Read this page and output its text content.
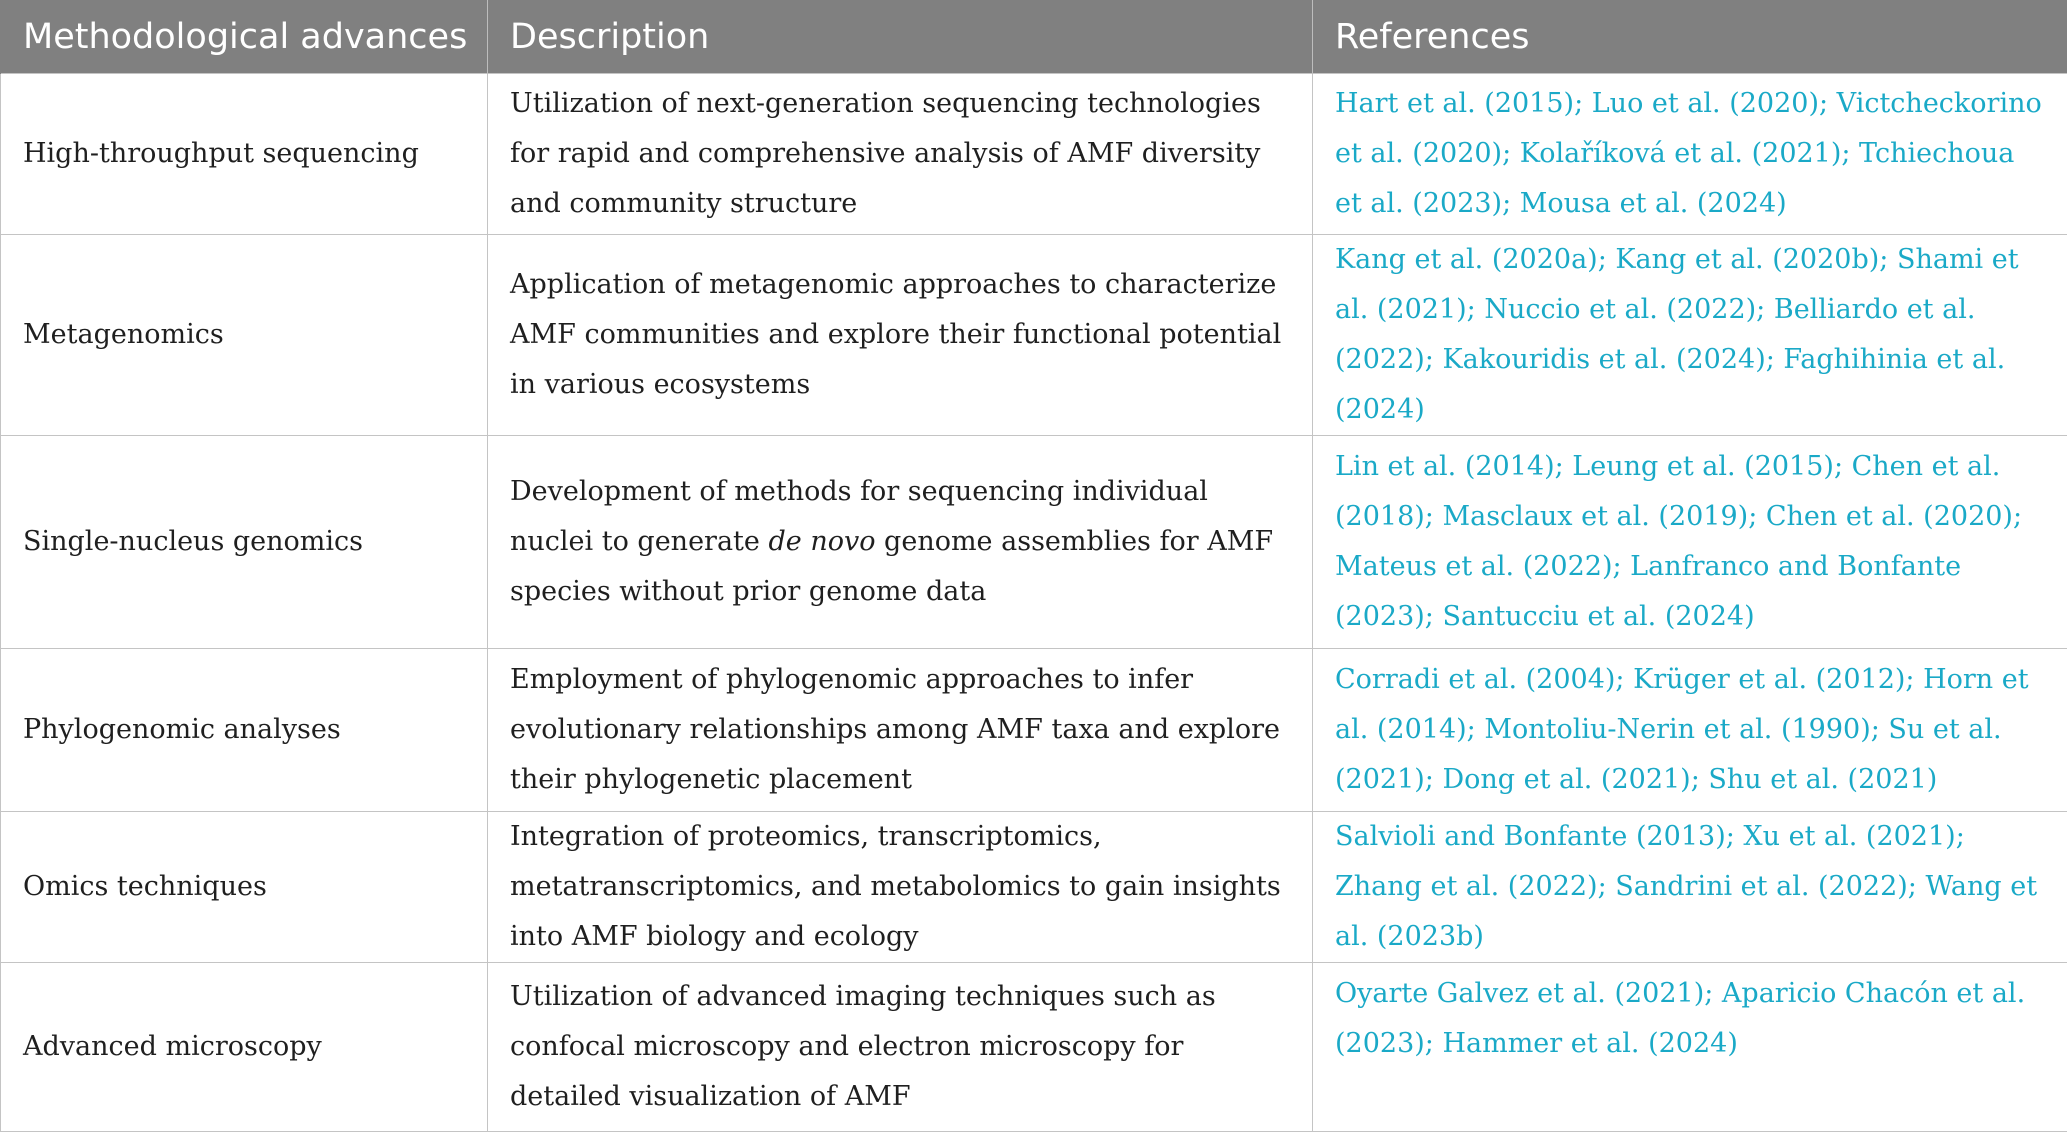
Methodological advances	Description	References
High-throughput sequencing	Utilization of next-generation sequencing technologies for rapid and comprehensive analysis of AMF diversity and community structure	Hart et al. (2015); Luo et al. (2020); Victcheckorino et al. (2020); Kolaříková et al. (2021); Tchiechoua et al. (2023); Mousa et al. (2024)
Metagenomics	Application of metagenomic approaches to characterize AMF communities and explore their functional potential in various ecosystems	Kang et al. (2020a); Kang et al. (2020b); Shami et al. (2021); Nuccio et al. (2022); Belliardo et al. (2022); Kakouridis et al. (2024); Faghihinia et al. (2024)
Single-nucleus genomics	Development of methods for sequencing individual nuclei to generate de novo genome assemblies for AMF species without prior genome data	Lin et al. (2014); Leung et al. (2015); Chen et al. (2018); Masclaux et al. (2019); Chen et al. (2020); Mateus et al. (2022); Lanfranco and Bonfante (2023); Santucciu et al. (2024)
Phylogenomic analyses	Employment of phylogenomic approaches to infer evolutionary relationships among AMF taxa and explore their phylogenetic placement	Corradi et al. (2004); Krüger et al. (2012); Horn et al. (2014); Montoliu-Nerin et al. (1990); Su et al. (2021); Dong et al. (2021); Shu et al. (2021)
Omics techniques	Integration of proteomics, transcriptomics, metatranscriptomics, and metabolomics to gain insights into AMF biology and ecology	Salvioli and Bonfante (2013); Xu et al. (2021); Zhang et al. (2022); Sandrini et al. (2022); Wang et al. (2023b)
Advanced microscopy	Utilization of advanced imaging techniques such as confocal microscopy and electron microscopy for detailed visualization of AMF	Oyarte Galvez et al. (2021); Aparicio Chacón et al. (2023); Hammer et al. (2024)
